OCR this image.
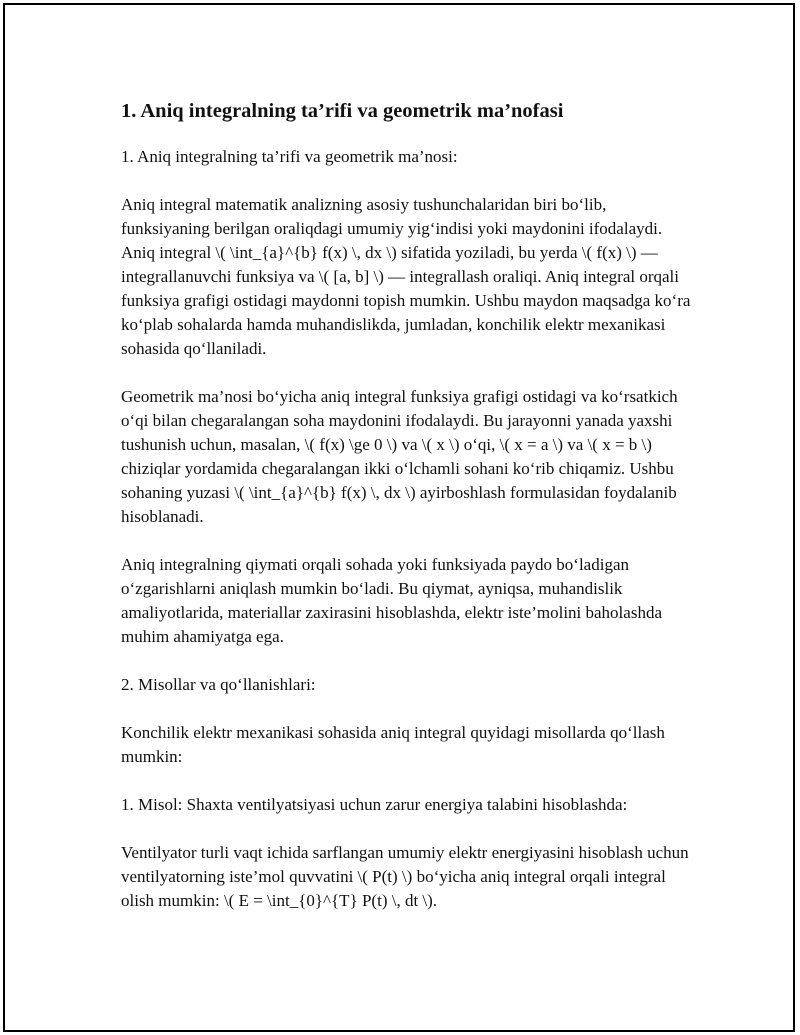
1. Aniq integralning ta’rifi va geometrik ma’nofasi

1. Aniq integralning ta’rifi va geometrik ma’nosi:

Aniq integral matematik analizning asosiy tushunchalaridan biri bo‘lib, funksiyaning berilgan oraliqdagi umumiy yig‘indisi yoki maydonini ifodalaydi. Aniq integral \( \int_{a}^{b} f(x) \, dx \) sifatida yoziladi, bu yerda \( f(x) \) — integrallanuvchi funksiya va \( [a, b] \) — integrallash oraliqi. Aniq integral orqali funksiya grafigi ostidagi maydonni topish mumkin. Ushbu maydon maqsadga ko‘ra ko‘plab sohalarda hamda muhandislikda, jumladan, konchilik elektr mexanikasi sohasida qo‘llaniladi.

Geometrik ma’nosi bo‘yicha aniq integral funksiya grafigi ostidagi va ko‘rsatkich o‘qi bilan chegaralangan soha maydonini ifodalaydi. Bu jarayonni yanada yaxshi tushunish uchun, masalan, \( f(x) \ge 0 \) va \( x \) o‘qi, \( x = a \) va \( x = b \) chiziqlar yordamida chegaralangan ikki o‘lchamli sohani ko‘rib chiqamiz. Ushbu sohaning yuzasi \( \int_{a}^{b} f(x) \, dx \) ayirboshlash formulasidan foydalanib hisoblanadi.

Aniq integralning qiymati orqali sohada yoki funksiyada paydo bo‘ladigan o‘zgarishlarni aniqlash mumkin bo‘ladi. Bu qiymat, ayniqsa, muhandislik amaliyotlarida, materiallar zaxirasini hisoblashda, elektr iste’molini baholashda muhim ahamiyatga ega.

2. Misollar va qo‘llanishlari:

Konchilik elektr mexanikasi sohasida aniq integral quyidagi misollarda qo‘llash mumkin:

1. Misol: Shaxta ventilyatsiyasi uchun zarur energiya talabini hisoblashda:

Ventilyator turli vaqt ichida sarflangan umumiy elektr energiyasini hisoblash uchun ventilyatorning iste’mol quvvatini \( P(t) \) bo‘yicha aniq integral orqali integral olish mumkin: \( E = \int_{0}^{T} P(t) \, dt \).
